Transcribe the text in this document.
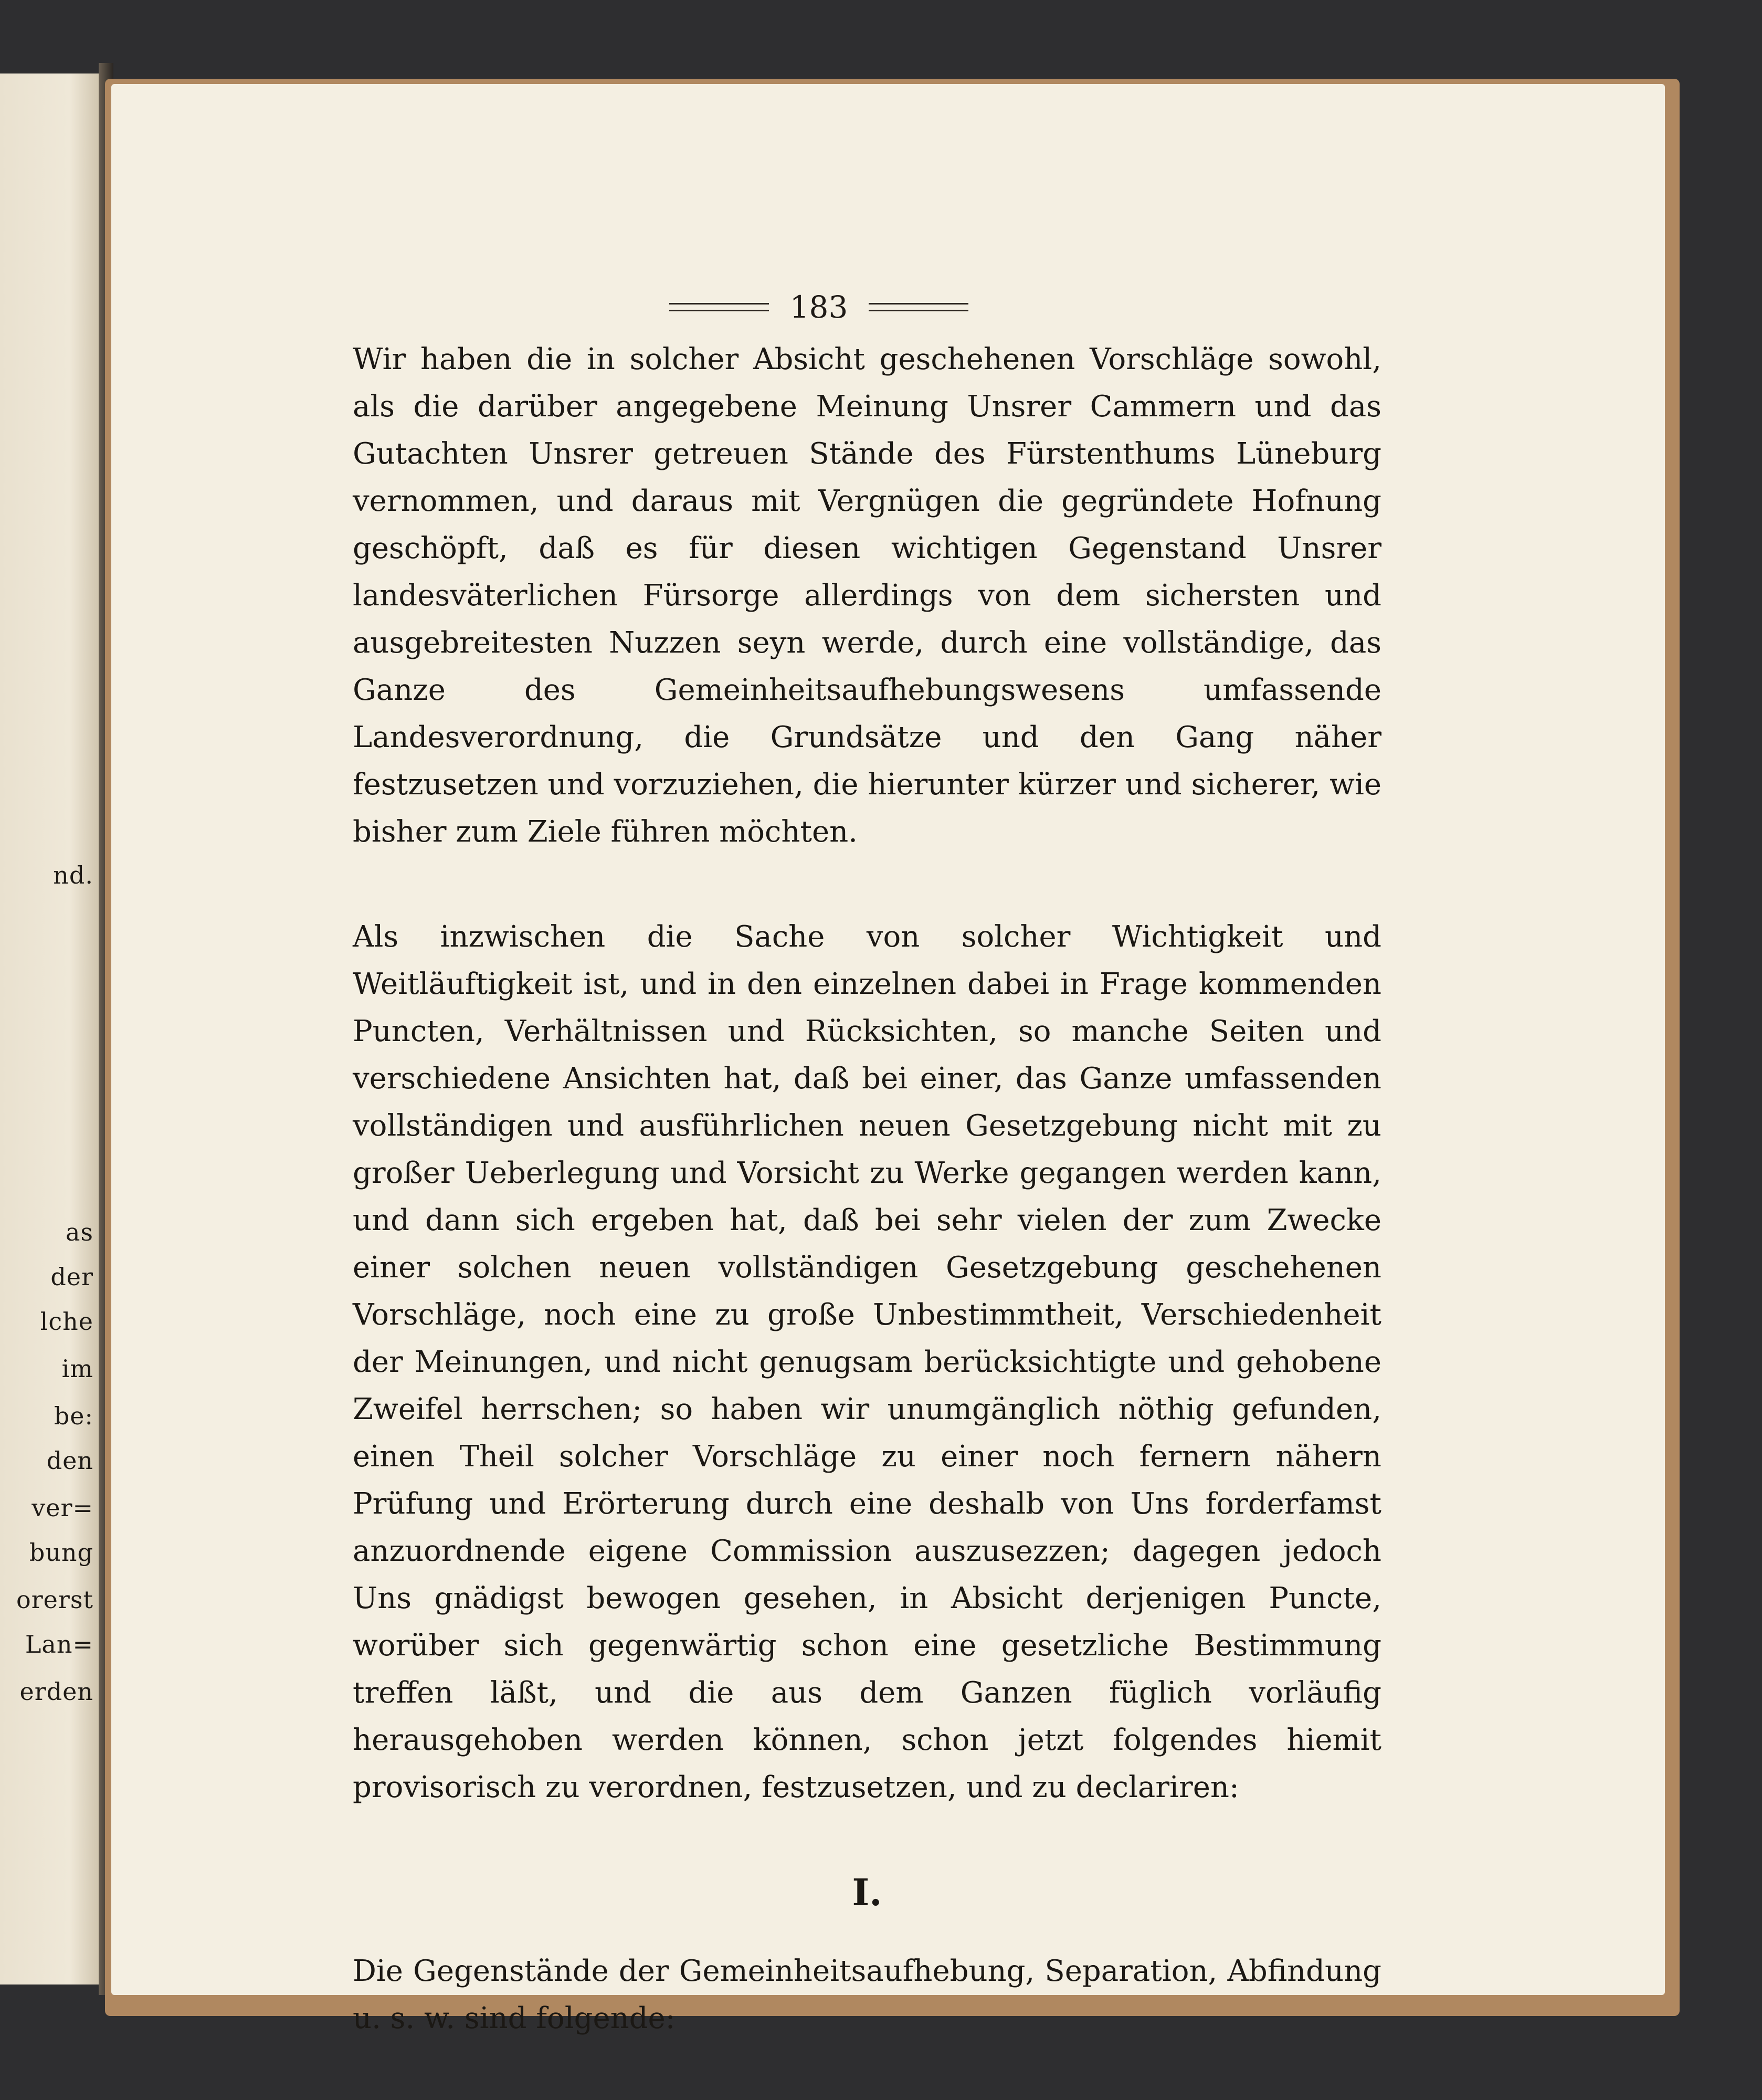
nd.
as
der
lche
im
be:
den
ver=
bung
orerst
Lan=
erden
183

Wir haben die in solcher Absicht geschehenen Vorschläge sowohl, als die darüber angegebene Meinung Unsrer Cammern und das Gutachten Unsrer getreuen Stände des Fürstenthums Lüneburg vernommen, und daraus mit Vergnügen die gegründete Hofnung geschöpft, daß es für diesen wichtigen Gegenstand Unsrer landesväterlichen Fürsorge allerdings von dem sichersten und ausgebreitesten Nuzzen seyn werde, durch eine vollständige, das Ganze des Gemeinheitsaufhebungswesens umfassende Landesverordnung, die Grundsätze und den Gang näher festzusetzen und vorzuziehen, die hierunter kürzer und sicherer, wie bisher zum Ziele führen möchten.

Als inzwischen die Sache von solcher Wichtigkeit und Weitläuftigkeit ist, und in den einzelnen dabei in Frage kommenden Puncten, Verhältnissen und Rücksichten, so manche Seiten und verschiedene Ansichten hat, daß bei einer, das Ganze umfassenden vollständigen und ausführlichen neuen Gesetzgebung nicht mit zu großer Ueberlegung und Vorsicht zu Werke gegangen werden kann, und dann sich ergeben hat, daß bei sehr vielen der zum Zwecke einer solchen neuen vollständigen Gesetzgebung geschehenen Vorschläge, noch eine zu große Unbestimmtheit, Verschiedenheit der Meinungen, und nicht genugsam berücksichtigte und gehobene Zweifel herrschen; so haben wir unumgänglich nöthig gefunden, einen Theil solcher Vorschläge zu einer noch fernern nähern Prüfung und Erörterung durch eine deshalb von Uns forderfamst anzuordnende eigene Commission auszusezzen; dagegen jedoch Uns gnädigst bewogen gesehen, in Absicht derjenigen Puncte, worüber sich gegenwärtig schon eine gesetzliche Bestimmung treffen läßt, und die aus dem Ganzen füglich vorläufig herausgehoben werden können, schon jetzt folgendes hiemit provisorisch zu verordnen, festzusetzen, und zu declariren:

I.

Die Gegenstände der Gemeinheitsaufhebung, Separation, Abfindung u. s. w. sind folgende:
